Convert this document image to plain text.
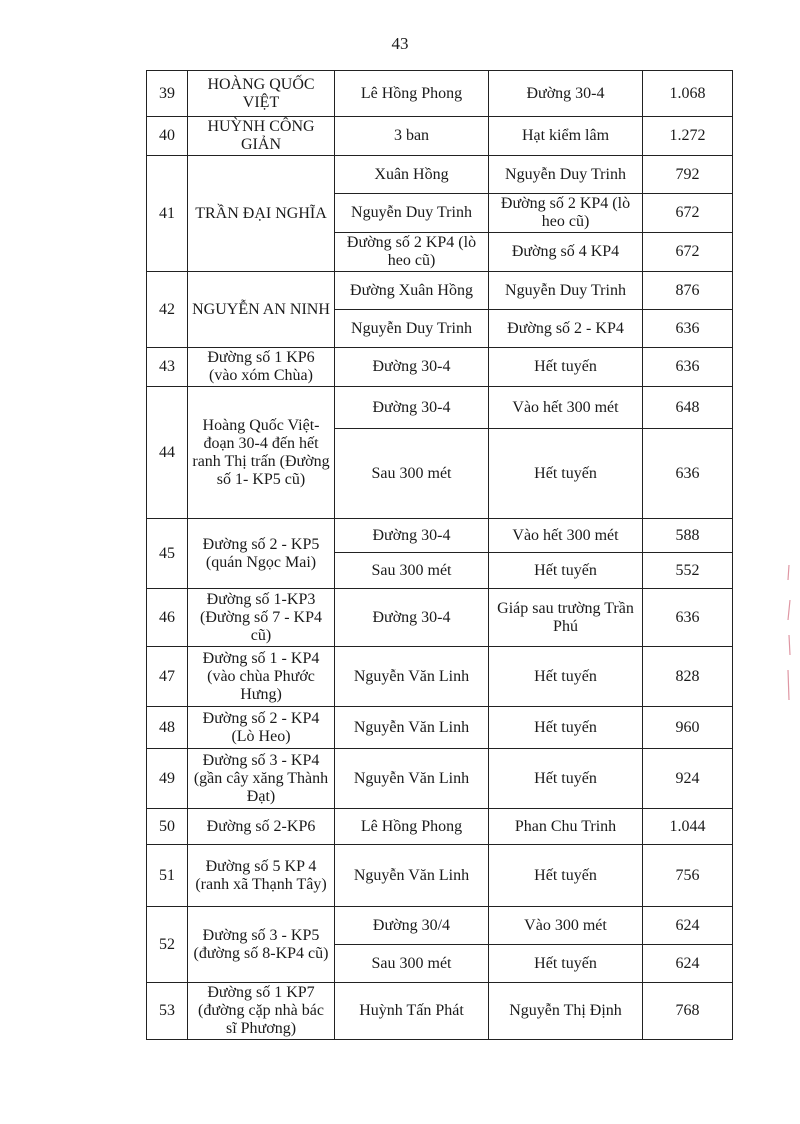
43
39	HOÀNG QUỐC VIỆT	Lê Hồng Phong	Đường 30-4	1.068
40	HUỲNH CÔNG GIẢN	3 ban	Hạt kiểm lâm	1.272
41	TRẦN ĐẠI NGHĨA	Xuân Hồng	Nguyễn Duy Trinh	792
		Nguyễn Duy Trinh	Đường số 2 KP4 (lò heo cũ)	672
		Đường số 2 KP4 (lò heo cũ)	Đường số 4 KP4	672
42	NGUYỄN AN NINH	Đường Xuân Hồng	Nguyễn Duy Trinh	876
		Nguyễn Duy Trinh	Đường số 2 - KP4	636
43	Đường số 1 KP6 (vào xóm Chùa)	Đường 30-4	Hết tuyến	636
44	Hoàng Quốc Việt- đoạn 30-4 đến hết ranh Thị trấn (Đường số 1- KP5 cũ)	Đường 30-4	Vào hết 300 mét	648
		Sau 300 mét	Hết tuyến	636
45	Đường số 2 - KP5 (quán Ngọc Mai)	Đường 30-4	Vào hết 300 mét	588
		Sau 300 mét	Hết tuyến	552
46	Đường số 1-KP3 (Đường số 7 - KP4 cũ)	Đường 30-4	Giáp sau trường Trần Phú	636
47	Đường số 1 - KP4 (vào chùa Phước Hưng)	Nguyễn Văn Linh	Hết tuyến	828
48	Đường số 2 - KP4 (Lò Heo)	Nguyễn Văn Linh	Hết tuyến	960
49	Đường số 3 - KP4 (gần cây xăng Thành Đạt)	Nguyễn Văn Linh	Hết tuyến	924
50	Đường số 2-KP6	Lê Hồng Phong	Phan Chu Trinh	1.044
51	Đường số 5 KP 4 (ranh xã Thạnh Tây)	Nguyễn Văn Linh	Hết tuyến	756
52	Đường số 3 - KP5 (đường số 8-KP4 cũ)	Đường 30/4	Vào 300 mét	624
		Sau 300 mét	Hết tuyến	624
53	Đường số 1 KP7 (đường cặp nhà bác sĩ Phương)	Huỳnh Tấn Phát	Nguyễn Thị Định	768
